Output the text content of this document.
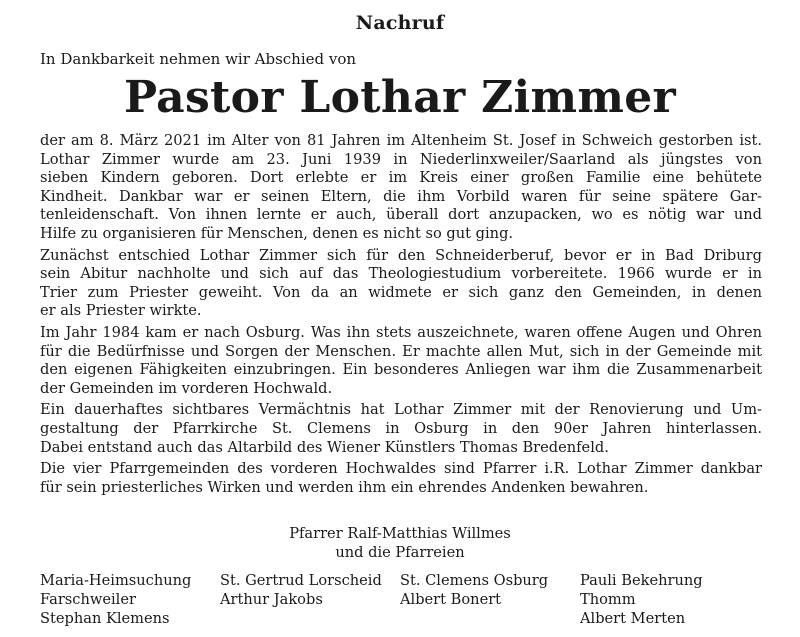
Nachruf
In Dankbarkeit nehmen wir Abschied von
Pastor Lothar Zimmer
der am 8. März 2021 im Alter von 81 Jahren im Altenheim St. Josef in Schweich gestorben ist.
Lothar Zimmer wurde am 23. Juni 1939 in Niederlinxweiler/Saarland als jüngstes von
sieben Kindern geboren. Dort erlebte er im Kreis einer großen Familie eine behütete
Kindheit. Dankbar war er seinen Eltern, die ihm Vorbild waren für seine spätere Gar-
tenleidenschaft. Von ihnen lernte er auch, überall dort anzupacken, wo es nötig war und
Hilfe zu organisieren für Menschen, denen es nicht so gut ging.
Zunächst entschied Lothar Zimmer sich für den Schneiderberuf, bevor er in Bad Driburg
sein Abitur nachholte und sich auf das Theologiestudium vorbereitete. 1966 wurde er in
Trier zum Priester geweiht. Von da an widmete er sich ganz den Gemeinden, in denen
er als Priester wirkte.
Im Jahr 1984 kam er nach Osburg. Was ihn stets auszeichnete, waren offene Augen und Ohren
für die Bedürfnisse und Sorgen der Menschen. Er machte allen Mut, sich in der Gemeinde mit
den eigenen Fähigkeiten einzubringen. Ein besonderes Anliegen war ihm die Zusammenarbeit
der Gemeinden im vorderen Hochwald.
Ein dauerhaftes sichtbares Vermächtnis hat Lothar Zimmer mit der Renovierung und Um-
gestaltung der Pfarrkirche St. Clemens in Osburg in den 90er Jahren hinterlassen.
Dabei entstand auch das Altarbild des Wiener Künstlers Thomas Bredenfeld.
Die vier Pfarrgemeinden des vorderen Hochwaldes sind Pfarrer i.R. Lothar Zimmer dankbar
für sein priesterliches Wirken und werden ihm ein ehrendes Andenken bewahren.
Pfarrer Ralf-Matthias Willmes
und die Pfarreien
Maria-Heimsuchung
Farschweiler
Stephan Klemens
St. Gertrud Lorscheid
Arthur Jakobs
St. Clemens Osburg
Albert Bonert
Pauli Bekehrung
Thomm
Albert Merten
